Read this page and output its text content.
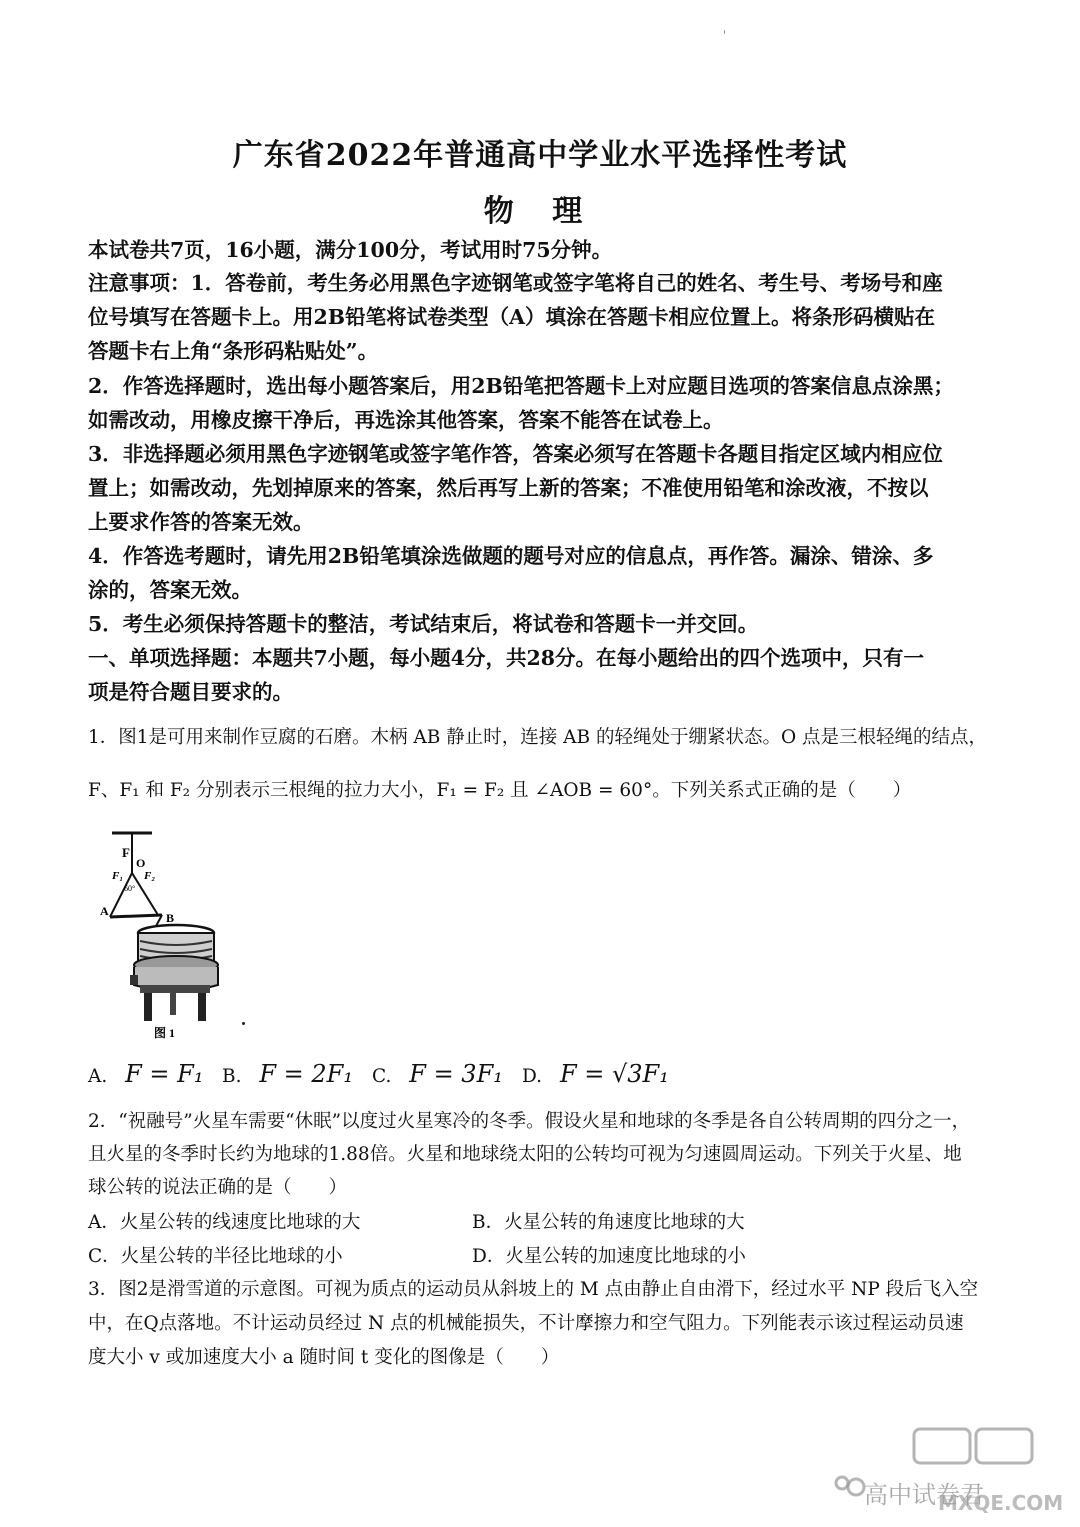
广东省2022年普通高中学业水平选择性考试
物 理
本试卷共7页，16小题，满分100分，考试用时75分钟。
注意事项：1．答卷前，考生务必用黑色字迹钢笔或签字笔将自己的姓名、考生号、考场号和座
位号填写在答题卡上。用2B铅笔将试卷类型（A）填涂在答题卡相应位置上。将条形码横贴在
答题卡右上角“条形码粘贴处”。
2．作答选择题时，选出每小题答案后，用2B铅笔把答题卡上对应题目选项的答案信息点涂黑；
如需改动，用橡皮擦干净后，再选涂其他答案，答案不能答在试卷上。
3．非选择题必须用黑色字迹钢笔或签字笔作答，答案必须写在答题卡各题目指定区域内相应位
置上；如需改动，先划掉原来的答案，然后再写上新的答案；不准使用铅笔和涂改液，不按以
上要求作答的答案无效。
4．作答选考题时，请先用2B铅笔填涂选做题的题号对应的信息点，再作答。漏涂、错涂、多
涂的，答案无效。
5．考生必须保持答题卡的整洁，考试结束后，将试卷和答题卡一并交回。
一、单项选择题：本题共7小题，每小题4分，共28分。在每小题给出的四个选项中，只有一
项是符合题目要求的。
1．图1是可用来制作豆腐的石磨。木柄 AB 静止时，连接 AB 的轻绳处于绷紧状态。O 点是三根轻绳的结点，
F、F₁ 和 F₂ 分别表示三根绳的拉力大小，F₁ = F₂ 且 ∠AOB = 60°。下列关系式正确的是（　　）
F
O
F₁ F₂
60°
A	B
图 1
A. F = F₁ B. F = 2F₁ C. F = 3F₁ D. F = √3F₁
2．“祝融号”火星车需要“休眠”以度过火星寒冷的冬季。假设火星和地球的冬季是各自公转周期的四分之一，
且火星的冬季时长约为地球的1.88倍。火星和地球绕太阳的公转均可视为匀速圆周运动。下列关于火星、地
球公转的说法正确的是（　　）
A．火星公转的线速度比地球的大	B．火星公转的角速度比地球的大
C．火星公转的半径比地球的小	D．火星公转的加速度比地球的小
3．图2是滑雪道的示意图。可视为质点的运动员从斜坡上的 M 点由静止自由滑下，经过水平 NP 段后飞入空
中，在Q点落地。不计运动员经过 N 点的机械能损失，不计摩擦力和空气阻力。下列能表示该过程运动员速
度大小 v 或加速度大小 a 随时间 t 变化的图像是（　　）
高中试卷君
MXQE.COM
